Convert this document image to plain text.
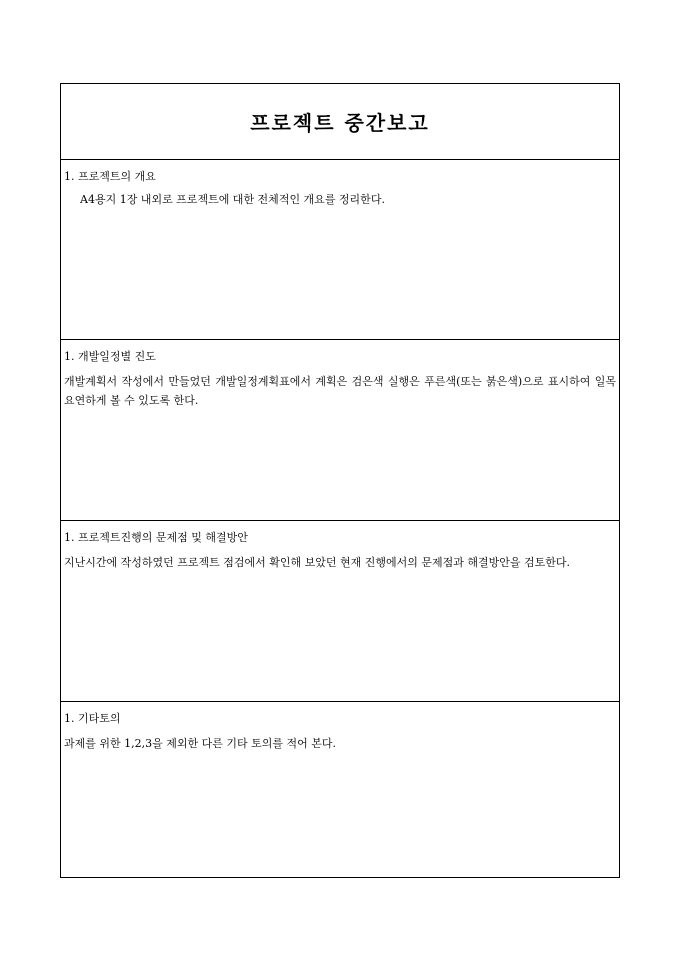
프로젝트 중간보고
1. 프로젝트의 개요
A4용지 1장 내외로 프로젝트에 대한 전체적인 개요를 정리한다.
1. 개발일정별 진도
개발계획서 작성에서 만들었던 개발일정계획표에서 계획은 검은색 실행은 푸른색(또는 붉은색)으로 표시하여 일목요연하게 볼 수 있도록 한다.
1. 프로젝트진행의 문제점 및 해결방안
지난시간에 작성하였던 프로젝트 점검에서 확인해 보았던 현재 진행에서의 문제점과 해결방안을 검토한다.
1. 기타토의
과제를 위한 1,2,3을 제외한 다른 기타 토의를 적어 본다.
